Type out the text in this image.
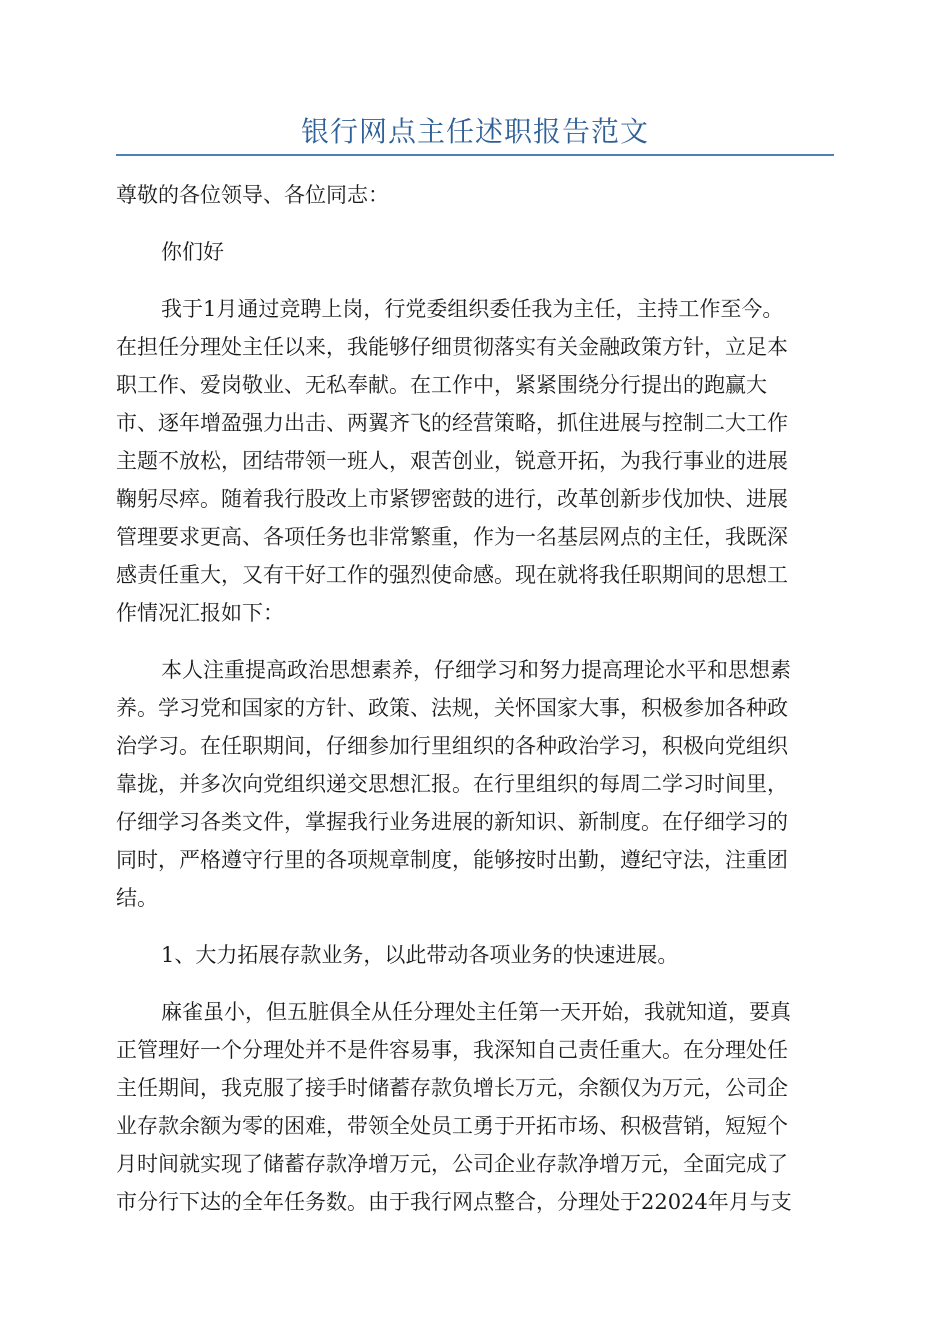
银行网点主任述职报告范文

尊敬的各位领导、各位同志：

你们好

我于1月通过竞聘上岗，行党委组织委任我为主任，主持工作至今。
在担任分理处主任以来，我能够仔细贯彻落实有关金融政策方针，立足本
职工作、爱岗敬业、无私奉献。在工作中，紧紧围绕分行提出的跑赢大
市、逐年增盈强力出击、两翼齐飞的经营策略，抓住进展与控制二大工作
主题不放松，团结带领一班人，艰苦创业，锐意开拓，为我行事业的进展
鞠躬尽瘁。随着我行股改上市紧锣密鼓的进行，改革创新步伐加快、进展
管理要求更高、各项任务也非常繁重，作为一名基层网点的主任，我既深
感责任重大，又有干好工作的强烈使命感。现在就将我任职期间的思想工
作情况汇报如下：

本人注重提高政治思想素养，仔细学习和努力提高理论水平和思想素
养。学习党和国家的方针、政策、法规，关怀国家大事，积极参加各种政
治学习。在任职期间，仔细参加行里组织的各种政治学习，积极向党组织
靠拢，并多次向党组织递交思想汇报。在行里组织的每周二学习时间里，
仔细学习各类文件，掌握我行业务进展的新知识、新制度。在仔细学习的
同时，严格遵守行里的各项规章制度，能够按时出勤，遵纪守法，注重团
结。

1、大力拓展存款业务，以此带动各项业务的快速进展。

麻雀虽小，但五脏俱全从任分理处主任第一天开始，我就知道，要真
正管理好一个分理处并不是件容易事，我深知自己责任重大。在分理处任
主任期间，我克服了接手时储蓄存款负增长万元，余额仅为万元，公司企
业存款余额为零的困难，带领全处员工勇于开拓市场、积极营销，短短个
月时间就实现了储蓄存款净增万元，公司企业存款净增万元，全面完成了
市分行下达的全年任务数。由于我行网点整合，分理处于22024年月与支
